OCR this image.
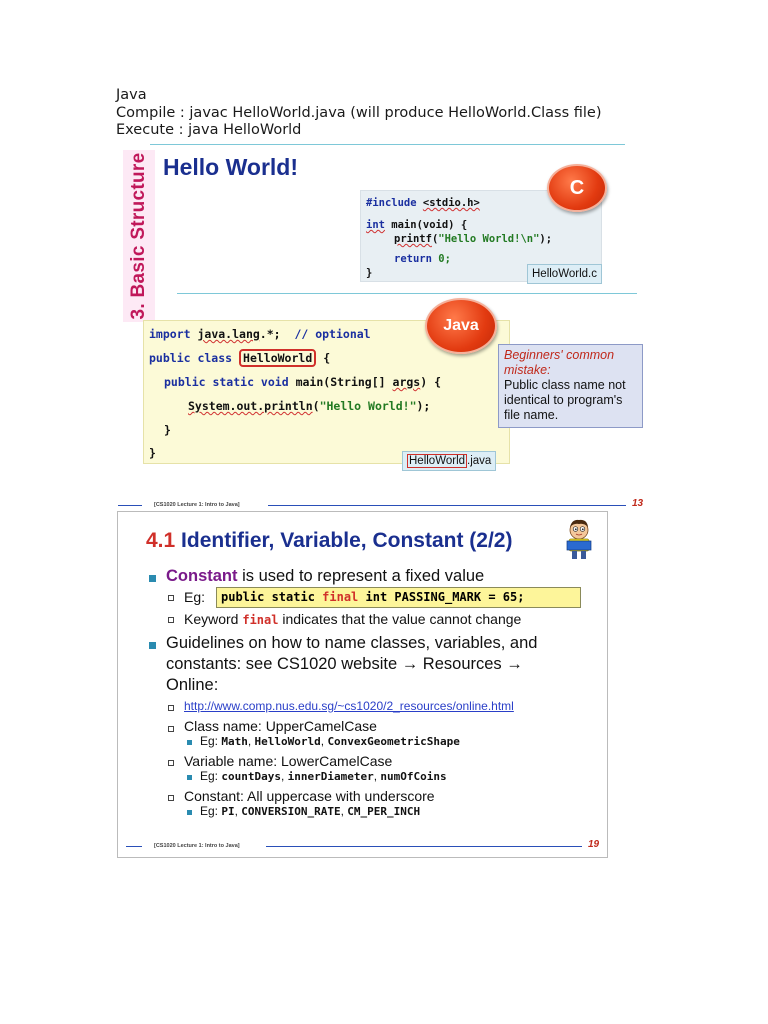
Java
Compile : javac HelloWorld.java (will produce HelloWorld.Class file)
Execute : java HelloWorld
3. Basic Structure Hello World!
#include <stdio.h>
int main(void) {
printf("Hello World!\n");
return 0;
}
C
HelloWorld.c
import java.lang.*; // optional
public class HelloWorld {
public static void main(String[] args) {
System.out.println("Hello World!");
}
}
Java
Beginners' common
mistake:
Public class name not
identical to program's
file name.
HelloWorld .java
[CS1020 Lecture 1: Intro to Java]	13
4.1 Identifier, Variable, Constant (2/2)
Constant is used to represent a fixed value
Eg:	public static final int PASSING_MARK = 65;
Keyword final indicates that the value cannot change
Guidelines on how to name classes, variables, and
constants: see CS1020 website → Resources →
Online:
http://www.comp.nus.edu.sg/~cs1020/2_resources/online.html
Class name: UpperCamelCase
Eg: Math, HelloWorld, ConvexGeometricShape
Variable name: LowerCamelCase
Eg: countDays, innerDiameter, numOfCoins
Constant: All uppercase with underscore
Eg: PI, CONVERSION_RATE, CM_PER_INCH
[CS1020 Lecture 1: Intro to Java]	19
